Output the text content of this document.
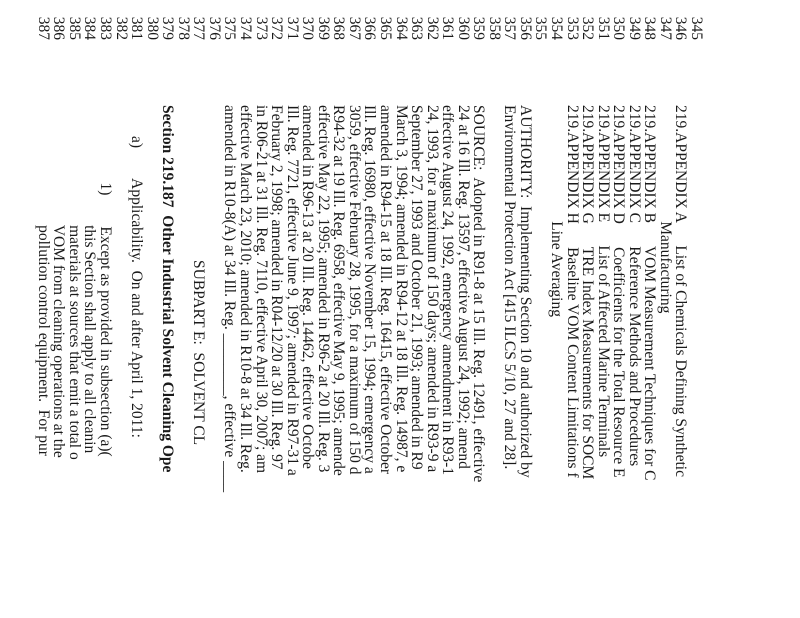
345
346
219.APPENDIX A      List of Chemicals Defining Synthetic
347
Manufacturing
348
219.APPENDIX B      VOM Measurement Techniques for C
349
219.APPENDIX C      Reference Methods and Procedures
350
219.APPENDIX D      Coefficients for the Total Resource E
351
219.APPENDIX E      List of Affected Marine Terminals
352
219.APPENDIX G      TRE Index Measurements for SOCM
353
219.APPENDIX H      Baseline VOM Content Limitations f
354
Line Averaging
355
356
AUTHORITY:  Implementing Section 10 and authorized by
357
Environmental Protection Act [415 ILCS 5/10, 27 and 28].
358
359
SOURCE:  Adopted in R91-8 at 15 Ill. Reg. 12491, effective
360
24 at 16 Ill. Reg. 13597, effective August 24, 1992; amend
361
effective August 24, 1992, emergency amendment in R93-1
362
24, 1993, for a maximum of 150 days; amended in R93-9 a
363
September 27, 1993 and October 21, 1993; amended in R9
364
March 3, 1994; amended in R94-12 at 18 Ill. Reg. 14987, e
365
amended in R94-15 at 18 Ill. Reg. 16415, effective October
366
Ill. Reg. 16980, effective November 15, 1994; emergency a
367
3059, effective February 28, 1995, for a maximum of 150 d
368
R94-32 at 19 Ill. Reg. 6958, effective May 9, 1995; amende
369
effective May 22, 1995; amended in R96-2 at 20 Ill. Reg. 3
370
amended in R96-13 at 20 Ill. Reg. 14462, effective Octobe
371
Ill. Reg. 7721, effective June 9, 1997; amended in R97-31 a
372
February 2, 1998; amended in R04-12/20 at 30 Ill. Reg. 97
373
in R06-21 at 31 Ill. Reg. 7110, effective April 30, 2007; am
374
effective March 23, 2010; amended in R10-8 at 34 Ill. Reg.
375
amended in R10-8(A) at 34 Ill. Reg. ________, effective ____
376
377
SUBPART E:  SOLVENT CL
378
379
Section 219.187  Other Industrial Solvent Cleaning Ope
380
381
a)        Applicability.  On and after April 1, 2011:
382
383
1)        Except as provided in subsection (a)(
384
this Section shall apply to all cleanin
385
materials at sources that emit a total o
386
VOM from cleaning operations at the
387
pollution control equipment.  For pur
